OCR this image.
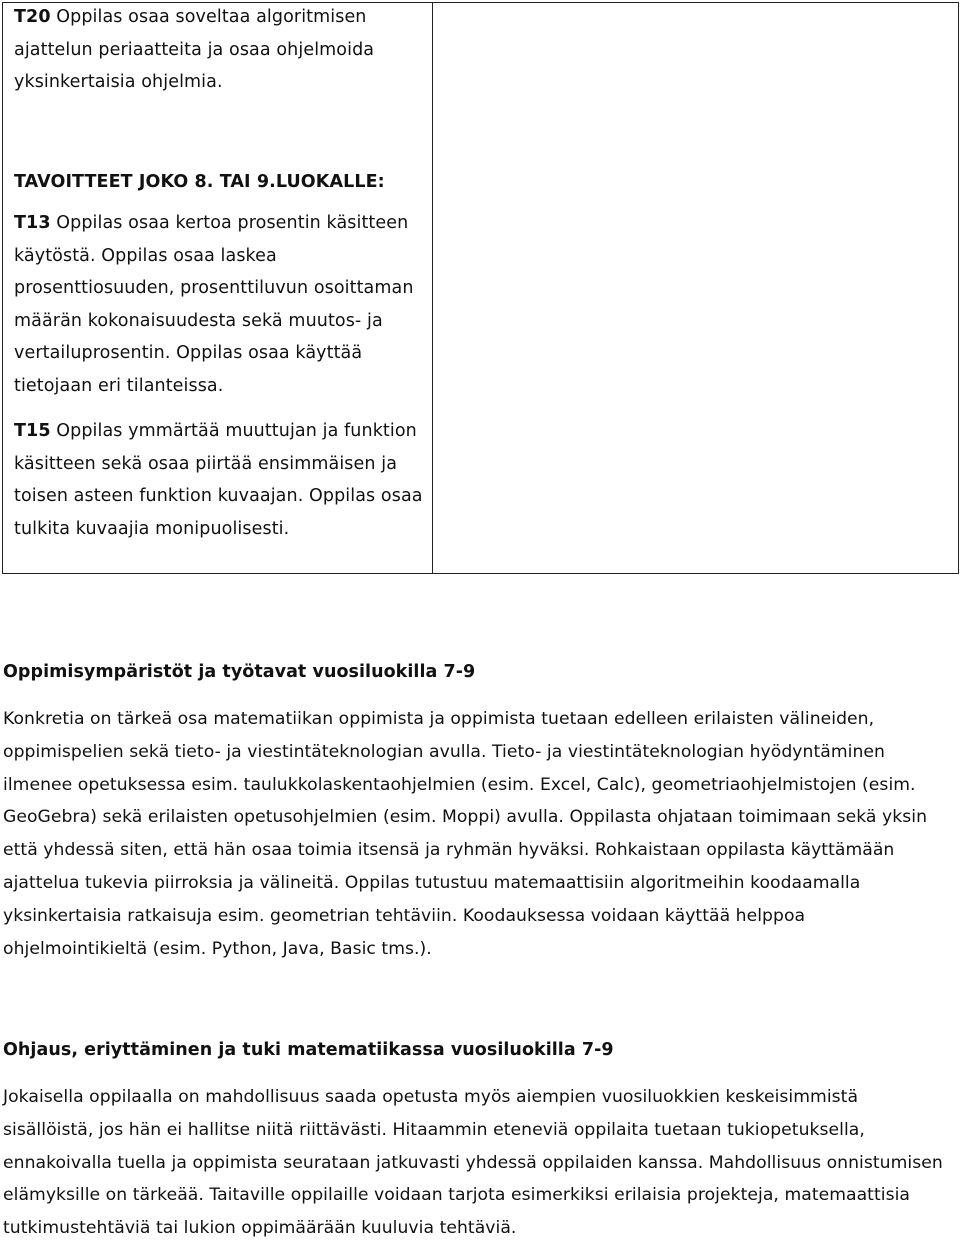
T20 Oppilas osaa soveltaa algoritmisen ajattelun periaatteita ja osaa ohjelmoida yksinkertaisia ohjelmia.

TAVOITTEET JOKO 8. TAI 9.LUOKALLE:

T13 Oppilas osaa kertoa prosentin käsitteen käytöstä. Oppilas osaa laskea prosenttiosuuden, prosenttiluvun osoittaman määrän kokonaisuudesta sekä muutos- ja vertailuprosentin. Oppilas osaa käyttää tietojaan eri tilanteissa.

T15 Oppilas ymmärtää muuttujan ja funktion käsitteen sekä osaa piirtää ensimmäisen ja toisen asteen funktion kuvaajan. Oppilas osaa tulkita kuvaajia monipuolisesti.

Oppimisympäristöt ja työtavat vuosiluokilla 7-9

Konkretia on tärkeä osa matematiikan oppimista ja oppimista tuetaan edelleen erilaisten välineiden, oppimispelien sekä tieto- ja viestintäteknologian avulla. Tieto- ja viestintäteknologian hyödyntäminen ilmenee opetuksessa esim. taulukkolaskentaohjelmien (esim. Excel, Calc), geometriaohjelmistojen (esim. GeoGebra) sekä erilaisten opetusohjelmien (esim. Moppi) avulla. Oppilasta ohjataan toimimaan sekä yksin että yhdessä siten, että hän osaa toimia itsensä ja ryhmän hyväksi. Rohkaistaan oppilasta käyttämään ajattelua tukevia piirroksia ja välineitä. Oppilas tutustuu matemaattisiin algoritmeihin koodaamalla yksinkertaisia ratkaisuja esim. geometrian tehtäviin. Koodauksessa voidaan käyttää helppoa ohjelmointikieltä (esim. Python, Java, Basic tms.).

Ohjaus, eriyttäminen ja tuki matematiikassa vuosiluokilla 7-9

Jokaisella oppilaalla on mahdollisuus saada opetusta myös aiempien vuosiluokkien keskeisimmistä sisällöistä, jos hän ei hallitse niitä riittävästi. Hitaammin eteneviä oppilaita tuetaan tukiopetuksella, ennakoivalla tuella ja oppimista seurataan jatkuvasti yhdessä oppilaiden kanssa. Mahdollisuus onnistumisen elämyksille on tärkeää. Taitaville oppilaille voidaan tarjota esimerkiksi erilaisia projekteja, matemaattisia tutkimustehtäviä tai lukion oppimäärään kuuluvia tehtäviä.
